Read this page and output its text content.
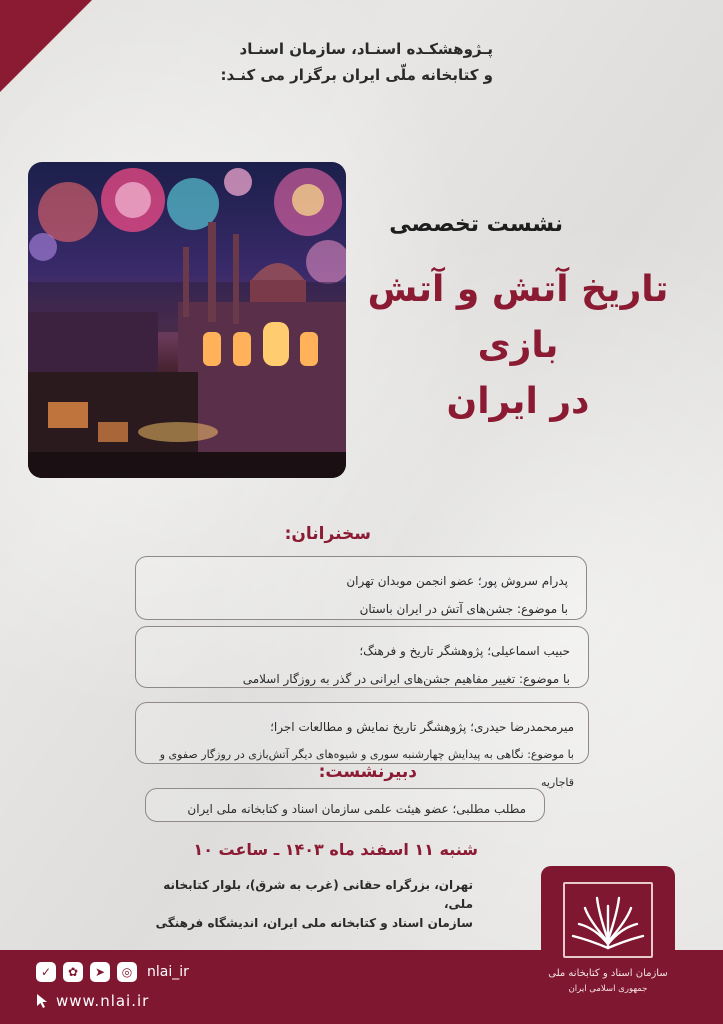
پـژوهشکـده اسنـاد، سازمان اسنـاد
و کتابخانه ملّی ایران برگزار می کنـد:
نشست تخصصی
تاریخ آتش و آتش بازی
در ایران
سخنرانان:
پدرام سروش پور؛ عضو انجمن موبدان تهران
با موضوع: جشن‌های آتش در ایران باستان
حبیب اسماعیلی؛ پژوهشگر تاریخ و فرهنگ؛
با موضوع: تغییر مفاهیم جشن‌های ایرانی در گذر به روزگار اسلامی
میرمحمدرضا حیدری؛ پژوهشگر تاریخ نمایش و مطالعات اجرا؛
با موضوع: نگاهی به پیدایش چهارشنبه سوری و شیوه‌های دیگر آتش‌بازی در روزگار صفوی و قاجاریه
دبیرنشست:
مطلب مطلبی؛ عضو هیئت علمی سازمان اسناد و کتابخانه ملی ایران
شنبه ۱۱ اسفند ماه ۱۴۰۳ ـ ساعت ۱۰
تهران، بزرگراه حقانی (غرب به شرق)، بلوار کتابخانه ملی،
سازمان اسناد و کتابخانه ملی ایران، اندیشگاه فرهنگی
سازمان اسناد و کتابخانه ملی
جمهوری اسلامی ایران
✓	✿	➤	◎	nlai_ir
www.nlai.ir
